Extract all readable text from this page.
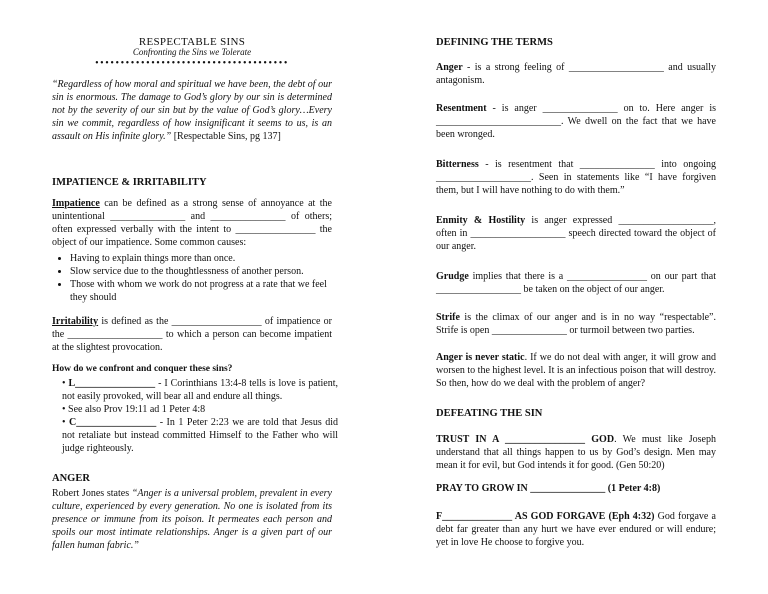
RESPECTABLE SINS
Confronting the Sins we Tolerate
••••••••••••••••••••••••••••••••••••••

“Regardless of how moral and spiritual we have been, the debt of our sin is enormous. The damage to God’s glory by our sin is determined not by the severity of our sin but by the value of God’s glory…Every sin we commit, regardless of how insignificant it seems to us, is an assault on His infinite glory.” [Respectable Sins, pg 137]

IMPATIENCE & IRRITABILITY

Impatience can be defined as a strong sense of annoyance at the unintentional _______________ and _______________ of others; often expressed verbally with the intent to ________________ the object of our impatience. Some common causes:

• Having to explain things more than once.
• Slow service due to the thoughtlessness of another person.
• Those with whom we work do not progress at a rate that we feel they should

Irritability is defined as the __________________ of impatience or the ___________________ to which a person can become impatient at the slightest provocation.

How do we confront and conquer these sins?
• L________________ - I Corinthians 13:4-8 tells is love is patient, not easily provoked, will bear all and endure all things.
• See also Prov 19:11 ad 1 Peter 4:8
• C________________ - In 1 Peter 2:23 we are told that Jesus did not retaliate but instead committed Himself to the Father who will judge righteously.
ANGER

Robert Jones states “Anger is a universal problem, prevalent in every culture, experienced by every generation. No one is isolated from its presence or immune from its poison. It permeates each person and spoils our most intimate relationships. Anger is a given part of our fallen human fabric.”

DEFINING THE TERMS

Anger - is a strong feeling of ___________________ and usually antagonism.

Resentment - is anger _______________ on to. Here anger is _________________________. We dwell on the fact that we have been wronged.

Bitterness - is resentment that _______________ into ongoing ___________________. Seen in statements like “I have forgiven them, but I will have nothing to do with them.”

Enmity & Hostility is anger expressed ___________________, often in ___________________ speech directed toward the object of our anger.

Grudge implies that there is a ________________ on our part that _________________ be taken on the object of our anger.

Strife is the climax of our anger and is in no way “respectable”. Strife is open _______________ or turmoil between two parties.

Anger is never static. If we do not deal with anger, it will grow and worsen to the highest level. It is an infectious poison that will destroy. So then, how do we deal with the problem of anger?

DEFEATING THE SIN

TRUST IN A ________________ GOD. We must like Joseph understand that all things happen to us by God’s design. Men may mean it for evil, but God intends it for good. (Gen 50:20)

PRAY TO GROW IN _______________ (1 Peter 4:8)

F______________ AS GOD FORGAVE (Eph 4:32) God forgave a debt far greater than any hurt we have ever endured or will endure; yet in love He choose to forgive you.
